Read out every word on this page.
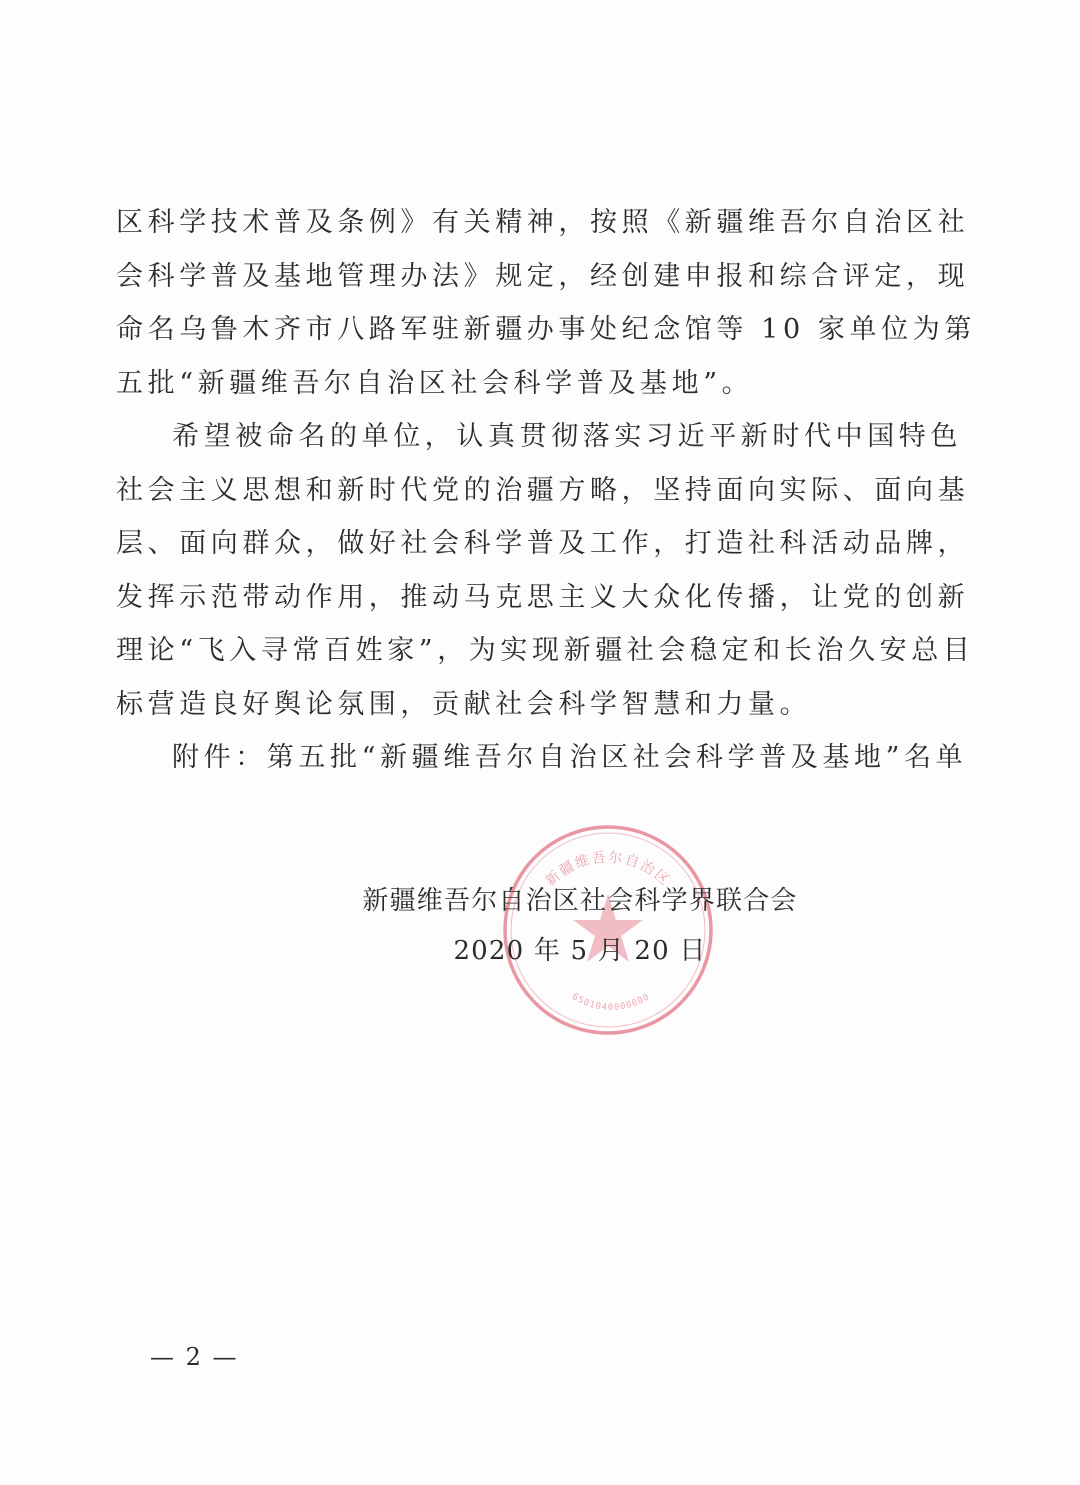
区科学技术普及条例》有关精神，按照《新疆维吾尔自治区社
会科学普及基地管理办法》规定，经创建申报和综合评定，现
命名乌鲁木齐市八路军驻新疆办事处纪念馆等 10 家单位为第
五批“新疆维吾尔自治区社会科学普及基地”。
希望被命名的单位，认真贯彻落实习近平新时代中国特色
社会主义思想和新时代党的治疆方略，坚持面向实际、面向基
层、面向群众，做好社会科学普及工作，打造社科活动品牌，
发挥示范带动作用，推动马克思主义大众化传播，让党的创新
理论“飞入寻常百姓家”，为实现新疆社会稳定和长治久安总目
标营造良好舆论氛围，贡献社会科学智慧和力量。
附件：第五批“新疆维吾尔自治区社会科学普及基地”名单
新疆维吾尔自治区
6501040000000
新疆维吾尔自治区社会科学界联合会
2020 年 5 月 20 日
— 2 —
